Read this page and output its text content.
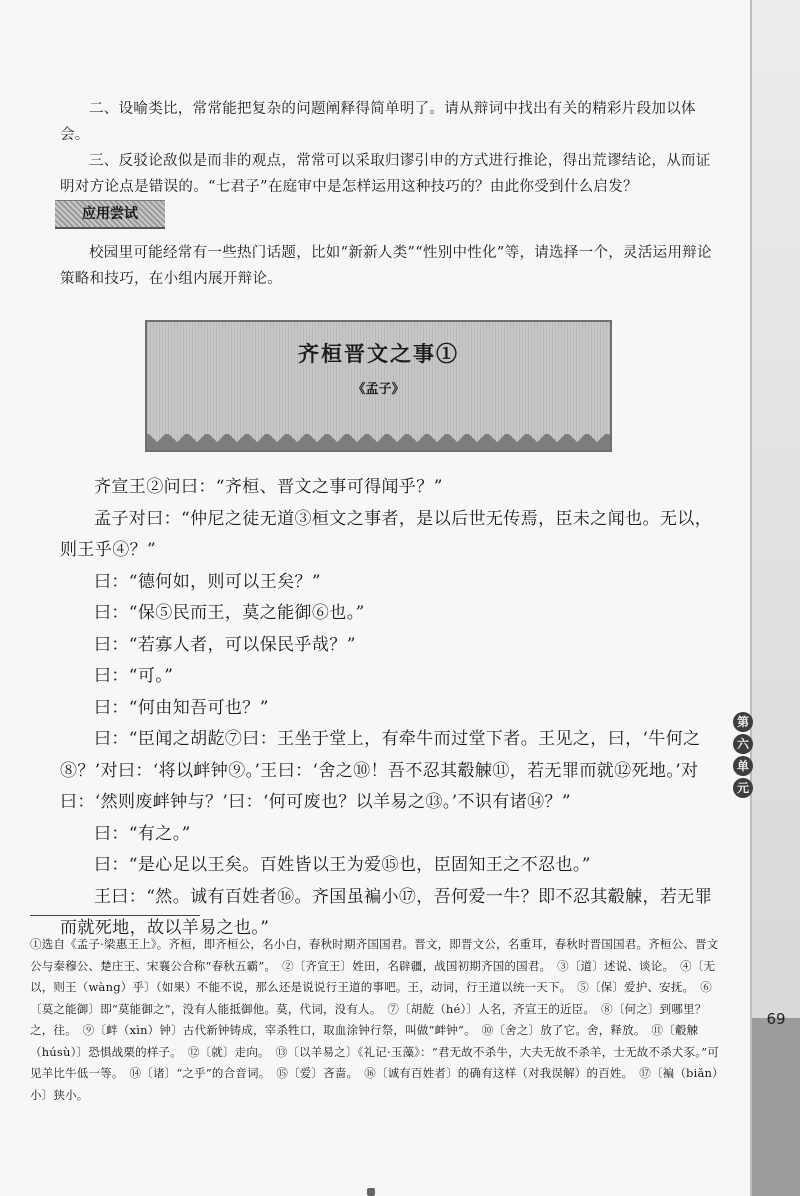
第
六
单
元
69

二、设喻类比，常常能把复杂的问题阐释得简单明了。请从辩词中找出有关的精彩片段加以体会。

三、反驳论敌似是而非的观点，常常可以采取归谬引申的方式进行推论，得出荒谬结论，从而证明对方论点是错误的。“七君子”在庭审中是怎样运用这种技巧的？由此你受到什么启发？

应用尝试

校园里可能经常有一些热门话题，比如“新新人类”“性别中性化”等，请选择一个，灵活运用辩论策略和技巧，在小组内展开辩论。

齐桓晋文之事①
《孟子》

齐宣王②问曰：“齐桓、晋文之事可得闻乎？”

孟子对曰：“仲尼之徒无道③桓文之事者，是以后世无传焉，臣未之闻也。无以，则王乎④？”

曰：“德何如，则可以王矣？”

曰：“保⑤民而王，莫之能御⑥也。”

曰：“若寡人者，可以保民乎哉？”

曰：“可。”

曰：“何由知吾可也？”

曰：“臣闻之胡龁⑦曰：王坐于堂上，有牵牛而过堂下者。王见之，曰，‘牛何之⑧？’对曰：‘将以衅钟⑨。’王曰：‘舍之⑩！吾不忍其觳觫⑪，若无罪而就⑫死地。’对曰：‘然则废衅钟与？’曰：‘何可废也？以羊易之⑬。’不识有诸⑭？”

曰：“有之。”

曰：“是心足以王矣。百姓皆以王为爱⑮也，臣固知王之不忍也。”

王曰：“然。诚有百姓者⑯。齐国虽褊小⑰，吾何爱一牛？即不忍其觳觫，若无罪而就死地，故以羊易之也。”

①选自《孟子·梁惠王上》。齐桓，即齐桓公，名小白，春秋时期齐国国君。晋文，即晋文公，名重耳，春秋时晋国国君。齐桓公、晋文公与秦穆公、楚庄王、宋襄公合称“春秋五霸”。　②〔齐宣王〕姓田，名辟疆，战国初期齐国的国君。　③〔道〕述说、谈论。　④〔无以，则王（wàng）乎〕（如果）不能不说，那么还是说说行王道的事吧。王，动词，行王道以统一天下。　⑤〔保〕爱护、安抚。　⑥〔莫之能御〕即“莫能御之”，没有人能抵御他。莫，代词，没有人。　⑦〔胡龁（hé）〕人名，齐宣王的近臣。　⑧〔何之〕到哪里？之，往。　⑨〔衅（xìn）钟〕古代新钟铸成，宰杀牲口，取血涂钟行祭，叫做“衅钟”。　⑩〔舍之〕放了它。舍，释放。　⑪〔觳觫（húsù）〕恐惧战栗的样子。　⑫〔就〕走向。　⑬〔以羊易之〕《礼记·玉藻》：“君无故不杀牛，大夫无故不杀羊，士无故不杀犬豕。”可见羊比牛低一等。　⑭〔诸〕“之乎”的合音词。　⑮〔爱〕吝啬。　⑯〔诚有百姓者〕的确有这样（对我误解）的百姓。　⑰〔褊（biǎn）小〕狭小。
